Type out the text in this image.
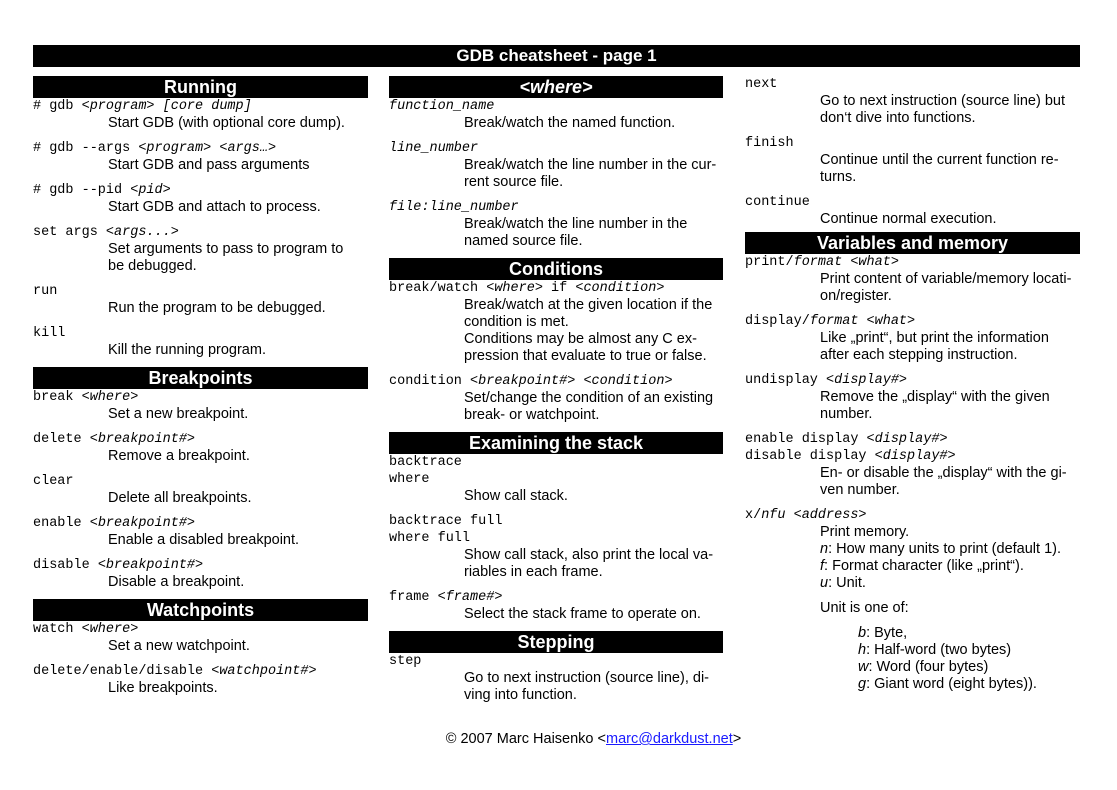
GDB cheatsheet - page 1
Running
# gdb <program> [core dump]
Start GDB (with optional core dump).
# gdb --args <program> <args…>
Start GDB and pass arguments
# gdb --pid <pid>
Start GDB and attach to process.
set args <args...>
Set arguments to pass to program to
be debugged.
run
Run the program to be debugged.
kill
Kill the running program.
Breakpoints
break <where>
Set a new breakpoint.
delete <breakpoint#>
Remove a breakpoint.
clear
Delete all breakpoints.
enable <breakpoint#>
Enable a disabled breakpoint.
disable <breakpoint#>
Disable a breakpoint.
Watchpoints
watch <where>
Set a new watchpoint.
delete/enable/disable <watchpoint#>
Like breakpoints.
<where>
function_name
Break/watch the named function.
line_number
Break/watch the line number in the cur-
rent source file.
file:line_number
Break/watch the line number in the
named source file.
Conditions
break/watch <where> if <condition>
Break/watch at the given location if the
condition is met.
Conditions may be almost any C ex-
pression that evaluate to true or false.
condition <breakpoint#> <condition>
Set/change the condition of an existing
break- or watchpoint.
Examining the stack
backtrace
where
Show call stack.
backtrace full
where full
Show call stack, also print the local va-
riables in each frame.
frame <frame#>
Select the stack frame to operate on.
Stepping
step
Go to next instruction (source line), di-
ving into function.
next
Go to next instruction (source line) but
don‘t dive into functions.
finish
Continue until the current function re-
turns.
continue
Continue normal execution.
Variables and memory
print/format <what>
Print content of variable/memory locati-
on/register.
display/format <what>
Like „print“, but print the information
after each stepping instruction.
undisplay <display#>
Remove the „display“ with the given
number.
enable display <display#>
disable display <display#>
En- or disable the „display“ with the gi-
ven number.
x/nfu <address>
Print memory.
n: How many units to print (default 1).
f: Format character (like „print“).
u: Unit.
Unit is one of:
b: Byte,
h: Half-word (two bytes)
w: Word (four bytes)
g: Giant word (eight bytes)).
© 2007 Marc Haisenko <marc@darkdust.net>
